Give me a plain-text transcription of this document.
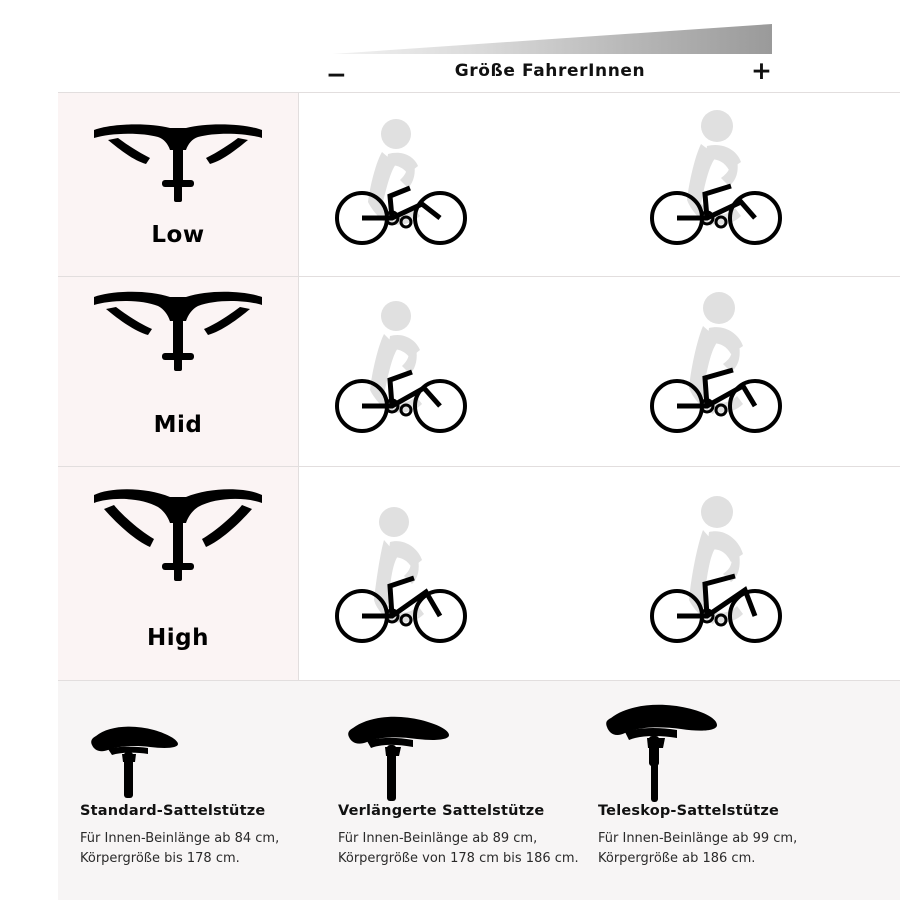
−	Größe FahrerInnen	+
Low
Mid
High
Standard-Sattelstütze
Für Innen-Beinlänge ab 84 cm,
Körpergröße bis 178 cm.
Verlängerte Sattelstütze
Für Innen-Beinlänge ab 89 cm,
Körpergröße von 178 cm bis 186 cm.
Teleskop-Sattelstütze
Für Innen-Beinlänge ab 99 cm,
Körpergröße ab 186 cm.
